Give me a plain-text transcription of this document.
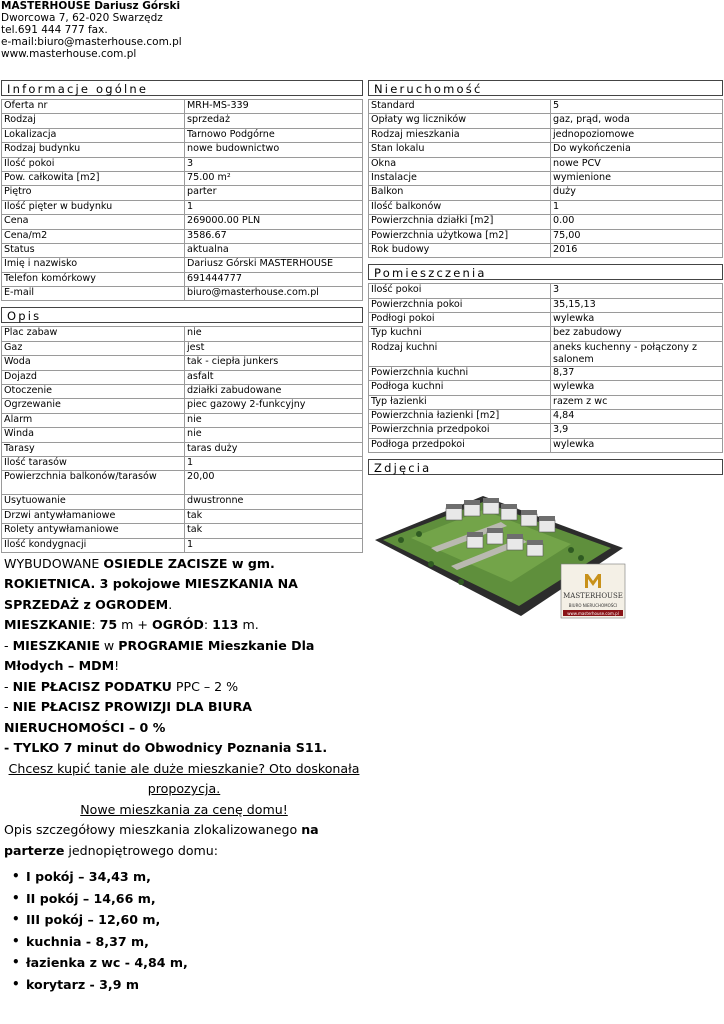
MASTERHOUSE Dariusz Górski
Dworcowa 7, 62-020 Swarzędz
tel.691 444 777 fax.
e-mail:biuro@masterhouse.com.pl
www.masterhouse.com.pl
Informacje ogólne
Oferta nr	MRH-MS-339
Rodzaj	sprzedaż
Lokalizacja	Tarnowo Podgórne
Rodzaj budynku	nowe budownictwo
Ilość pokoi	3
Pow. całkowita [m2]	75.00 m²
Piętro	parter
Ilość pięter w budynku	1
Cena	269000.00 PLN
Cena/m2	3586.67
Status	aktualna
Imię i nazwisko	Dariusz Górski MASTERHOUSE
Telefon komórkowy	691444777
E-mail	biuro@masterhouse.com.pl
Opis
Plac zabaw	nie
Gaz	jest
Woda	tak - ciepła junkers
Dojazd	asfalt
Otoczenie	działki zabudowane
Ogrzewanie	piec gazowy 2-funkcyjny
Alarm	nie
Winda	nie
Tarasy	taras duży
Ilość tarasów	1
Powierzchnia balkonów/tarasów	20,00
Usytuowanie	dwustronne
Drzwi antywłamaniowe	tak
Rolety antywłamaniowe	tak
Ilość kondygnacji	1

WYBUDOWANE OSIEDLE ZACISZE w gm. ROKIETNICA. 3 pokojowe MIESZKANIA NA SPRZEDAŻ z OGRODEM.

MIESZKANIE: 75 m + OGRÓD: 113 m.

- MIESZKANIE w PROGRAMIE Mieszkanie Dla Młodych – MDM!

- NIE PŁACISZ PODATKU PPC – 2 %

- NIE PŁACISZ PROWIZJI DLA BIURA NIERUCHOMOŚCI – 0 %

- TYLKO 7 minut do Obwodnicy Poznania S11.

Chcesz kupić tanie ale duże mieszkanie? Oto doskonała propozycja.

Nowe mieszkania za cenę domu!

Opis szczegółowy mieszkania zlokalizowanego na parterze jednopiętrowego domu:

• I pokój – 34,43 m,
• II pokój – 14,66 m,
• III pokój – 12,60 m,
• kuchnia - 8,37 m,
• łazienka z wc - 4,84 m,
• korytarz - 3,9 m
Nieruchomość
Standard	5
Opłaty wg liczników	gaz, prąd, woda
Rodzaj mieszkania	jednopoziomowe
Stan lokalu	Do wykończenia
Okna	nowe PCV
Instalacje	wymienione
Balkon	duży
Ilość balkonów	1
Powierzchnia działki [m2]	0.00
Powierzchnia użytkowa [m2]	75,00
Rok budowy	2016
Pomieszczenia
Ilość pokoi	3
Powierzchnia pokoi	35,15,13
Podłogi pokoi	wylewka
Typ kuchni	bez zabudowy
Rodzaj kuchni	aneks kuchenny - połączony z salonem
Powierzchnia kuchni	8,37
Podłoga kuchni	wylewka
Typ łazienki	razem z wc
Powierzchnia łazienki [m2]	4,84
Powierzchnia przedpokoi	3,9
Podłoga przedpokoi	wylewka
Zdjęcia
MASTERHOUSE
BIURO NIERUCHOMOŚCI
www.masterhouse.com.pl
